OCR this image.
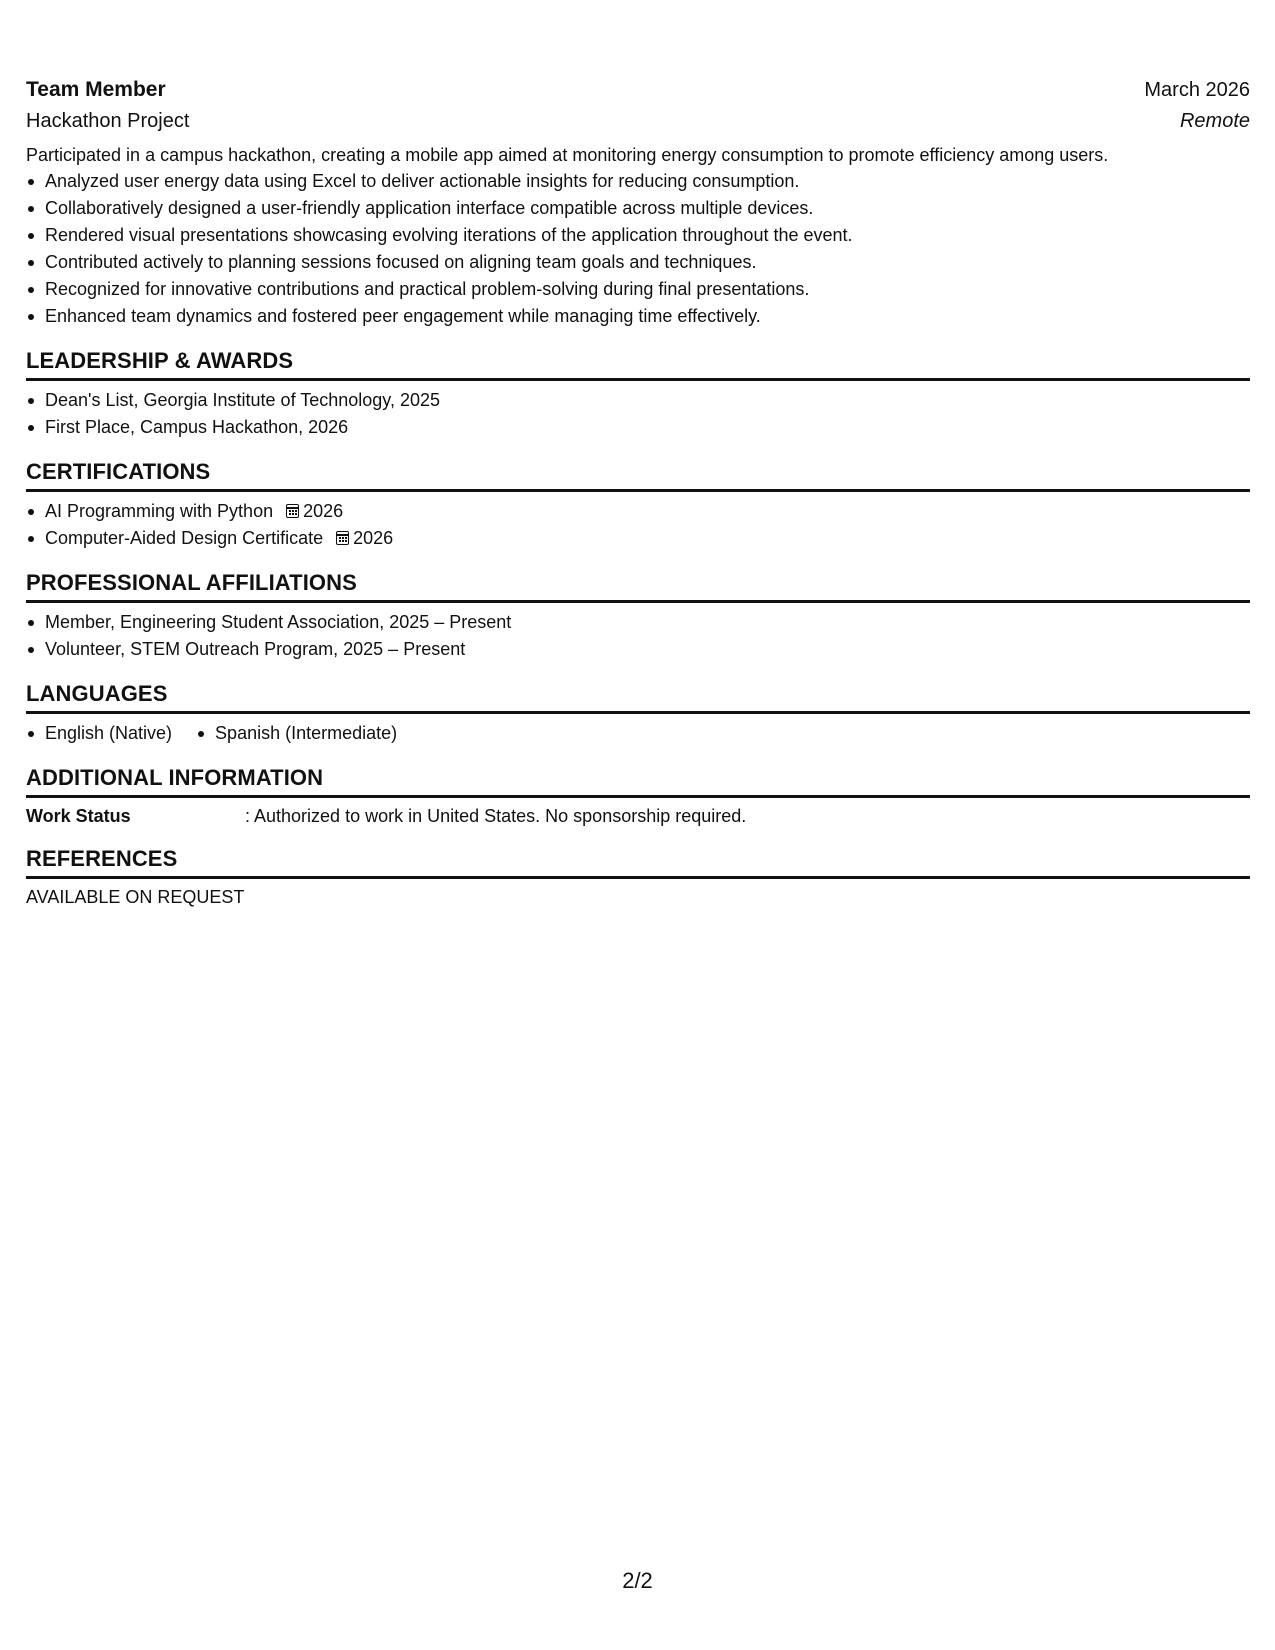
Team Member	March 2026
Hackathon Project	Remote
Participated in a campus hackathon, creating a mobile app aimed at monitoring energy consumption to promote efficiency among users.
Analyzed user energy data using Excel to deliver actionable insights for reducing consumption.
Collaboratively designed a user-friendly application interface compatible across multiple devices.
Rendered visual presentations showcasing evolving iterations of the application throughout the event.
Contributed actively to planning sessions focused on aligning team goals and techniques.
Recognized for innovative contributions and practical problem-solving during final presentations.
Enhanced team dynamics and fostered peer engagement while managing time effectively.
LEADERSHIP & AWARDS
Dean's List, Georgia Institute of Technology, 2025
First Place, Campus Hackathon, 2026
CERTIFICATIONS
AI Programming with Python 2026
Computer-Aided Design Certificate 2026
PROFESSIONAL AFFILIATIONS
Member, Engineering Student Association, 2025 – Present
Volunteer, STEM Outreach Program, 2025 – Present
LANGUAGES
English (Native)	Spanish (Intermediate)
ADDITIONAL INFORMATION
Work Status	: Authorized to work in United States. No sponsorship required.
REFERENCES
AVAILABLE ON REQUEST
2/2
